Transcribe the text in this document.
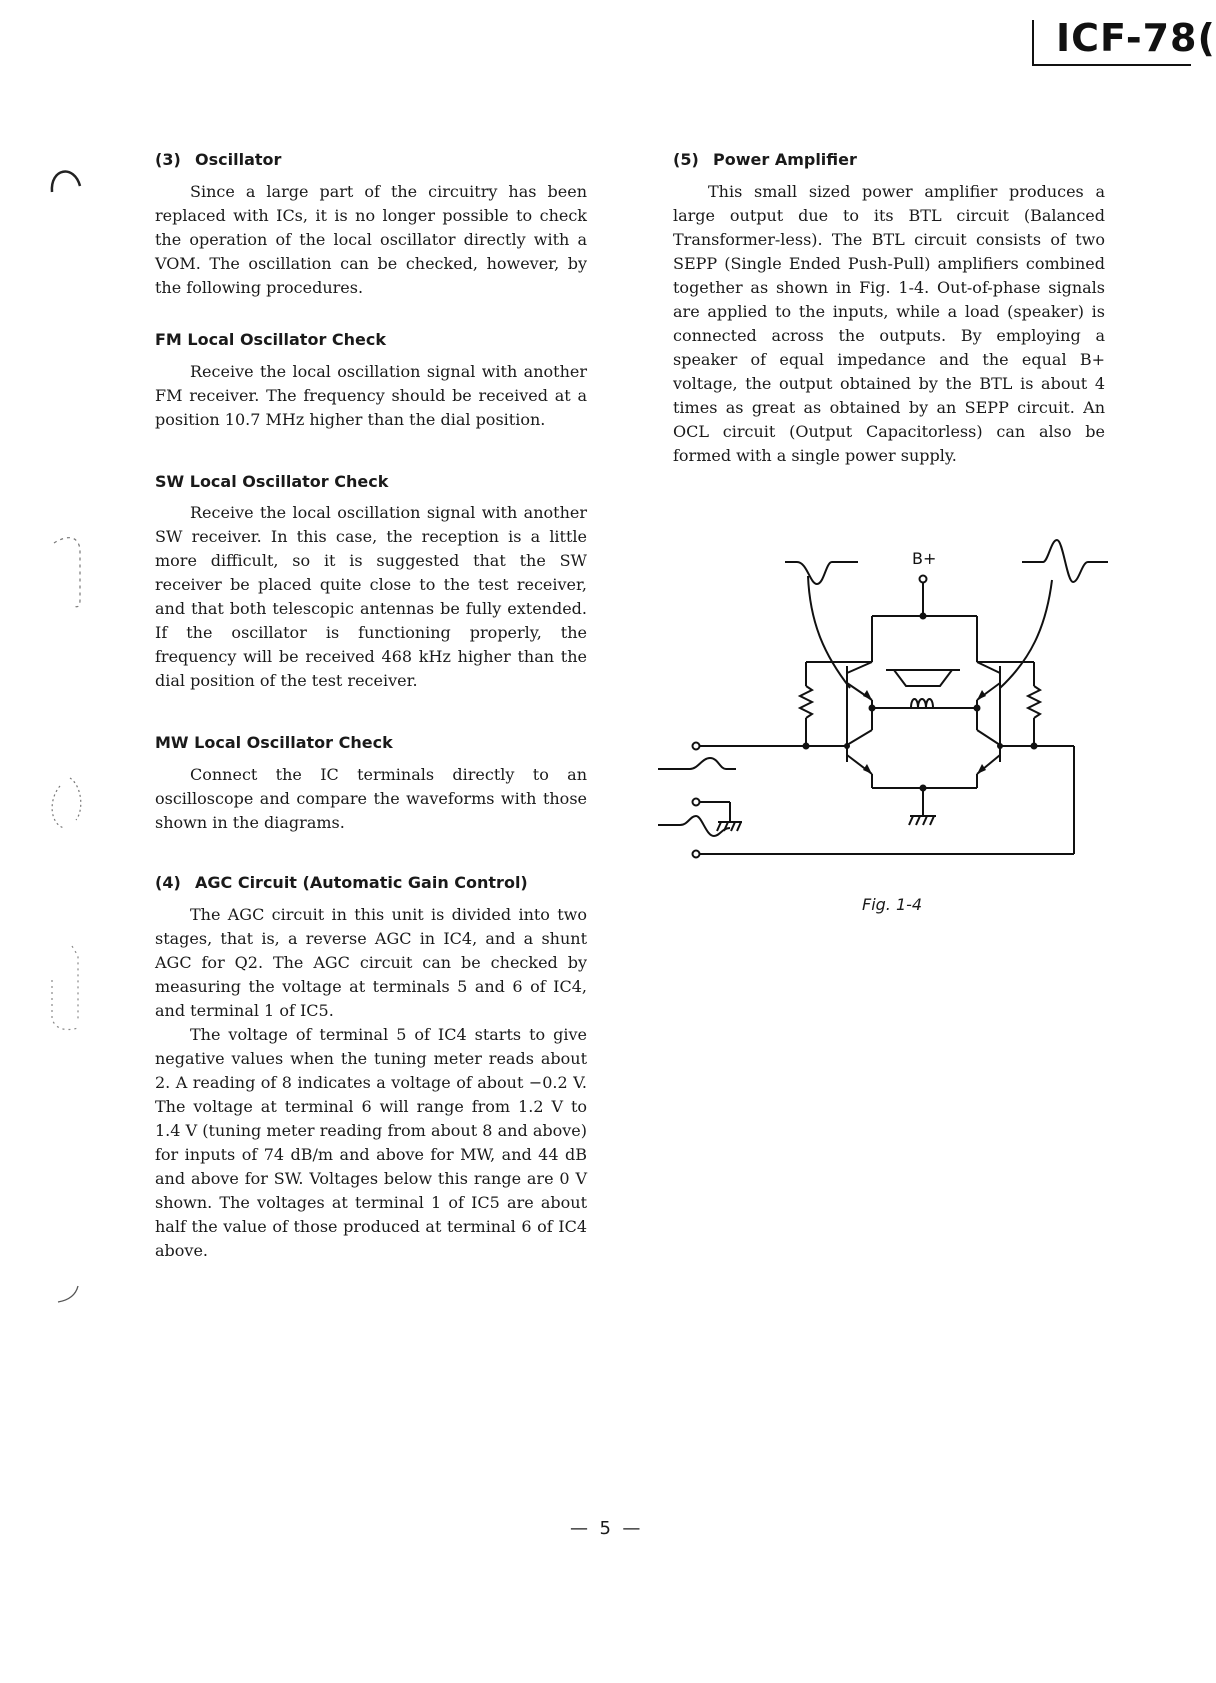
ICF-78(
(3) Oscillator

Since a large part of the circuitry has been replaced with ICs, it is no longer possible to check the operation of the local oscillator directly with a VOM. The oscillation can be checked, however, by the following procedures.

FM Local Oscillator Check

Receive the local oscillation signal with another FM receiver. The frequency should be received at a position 10.7 MHz higher than the dial position.

SW Local Oscillator Check

Receive the local oscillation signal with another SW receiver. In this case, the reception is a little more difficult, so it is suggested that the SW receiver be placed quite close to the test receiver, and that both telescopic antennas be fully extended. If the oscillator is functioning properly, the frequency will be received 468 kHz higher than the dial position of the test receiver.

MW Local Oscillator Check

Connect the IC terminals directly to an oscilloscope and compare the waveforms with those shown in the diagrams.

(4) AGC Circuit (Automatic Gain Control)

The AGC circuit in this unit is divided into two stages, that is, a reverse AGC in IC4, and a shunt AGC for Q2. The AGC circuit can be checked by measuring the voltage at terminals 5 and 6 of IC4, and terminal 1 of IC5.

The voltage of terminal 5 of IC4 starts to give negative values when the tuning meter reads about 2. A reading of 8 indicates a voltage of about −0.2 V. The voltage at terminal 6 will range from 1.2 V to 1.4 V (tuning meter reading from about 8 and above) for inputs of 74 dB/m and above for MW, and 44 dB and above for SW. Voltages below this range are 0 V shown. The voltages at terminal 1 of IC5 are about half the value of those produced at terminal 6 of IC4 above.

(5) Power Amplifier

This small sized power amplifier produces a large output due to its BTL circuit (Balanced Transformer-less). The BTL circuit consists of two SEPP (Single Ended Push-Pull) amplifiers combined together as shown in Fig. 1-4. Out-of-phase signals are applied to the inputs, while a load (speaker) is connected across the outputs. By employing a speaker of equal impedance and the equal B+ voltage, the output obtained by the BTL is about 4 times as great as obtained by an SEPP circuit. An OCL circuit (Output Capacitorless) can also be formed with a single power supply.

B+
Fig. 1-4
—  5  —
